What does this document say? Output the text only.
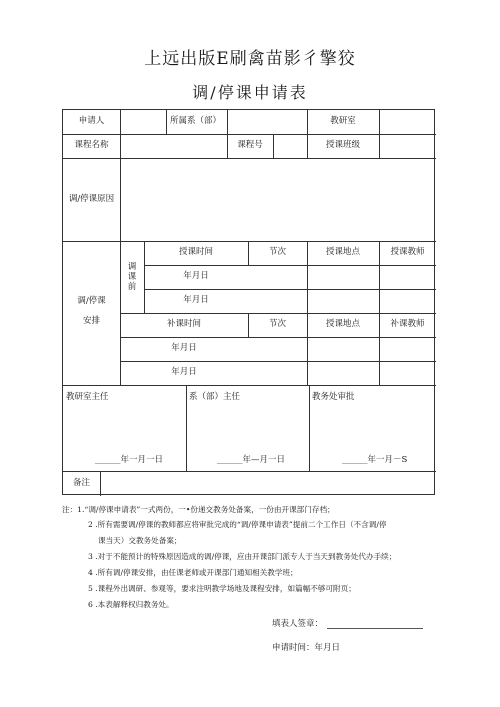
上远出版E刷禽苗影彳擎狡
调/停课申请表
申请人	所属系（部）	教研室
课程名称	课程号	授课班级
调/停课原因
调/停课
安排
调课前
授课时间	节次	授课地点	授课教师
年月日
年月日
补课时间	节次	授课地点	补课教师
年月日
年月日
教研室主任	系（部）主任	教务处审批
______年一月一日	______年—月一日	______年一月－S
备注
注：1.“调/停课申请表”一式两份，一•份递交教务处备案，一份由开课部门存档；
2 .所有需要调/停课的教师都应将审批完成的“调/停课申请表”提前二个工作日（不含调/停
课当天）交教务处备案；
3 .对于不能预计的特殊原因造成的调/停课，应由开课部门派专人于当天到教务处代办手续；
4 .所有调/停课安排，由任课老师或开课部门通知相关教学班；
5 .课程外出调研、参观等，要求注明教学场地及课程安排，如篇幅不够可附页；
6 .本表解释权归教务处。
填表人签章：
申请时间：年月日
